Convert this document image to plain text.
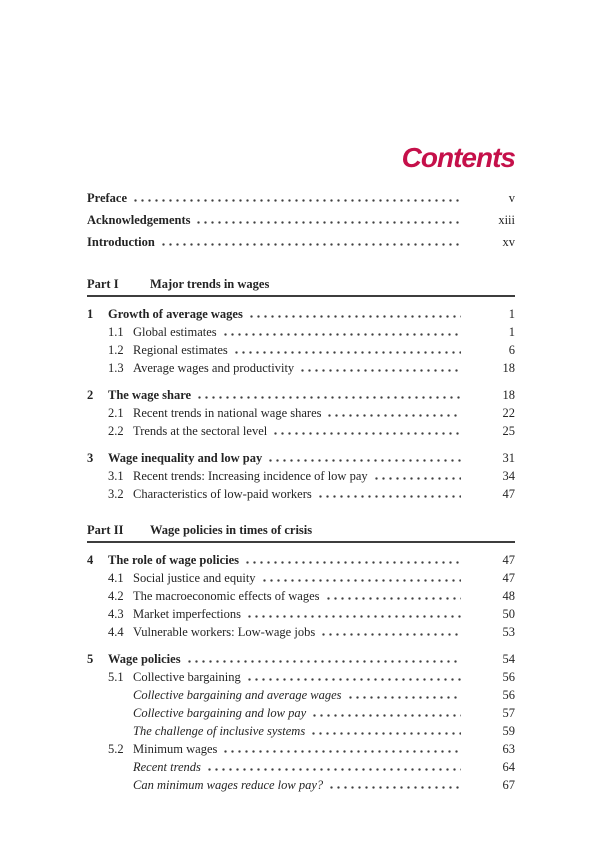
Contents
Preface	v
Acknowledgements	xiii
Introduction	xv
Part I	Major trends in wages
1	Growth of average wages	1
1.1 Global estimates	1
1.2 Regional estimates	6
1.3 Average wages and productivity	18
2	The wage share	18
2.1 Recent trends in national wage shares	22
2.2 Trends at the sectoral level	25
3	Wage inequality and low pay	31
3.1 Recent trends: Increasing incidence of low pay	34
3.2 Characteristics of low-paid workers	47
Part II	Wage policies in times of crisis
4	The role of wage policies	47
4.1 Social justice and equity	47
4.2 The macroeconomic effects of wages	48
4.3 Market imperfections	50
4.4 Vulnerable workers: Low-wage jobs	53
5	Wage policies	54
5.1 Collective bargaining	56
Collective bargaining and average wages	56
Collective bargaining and low pay	57
The challenge of inclusive systems	59
5.2 Minimum wages	63
Recent trends	64
Can minimum wages reduce low pay?	67
